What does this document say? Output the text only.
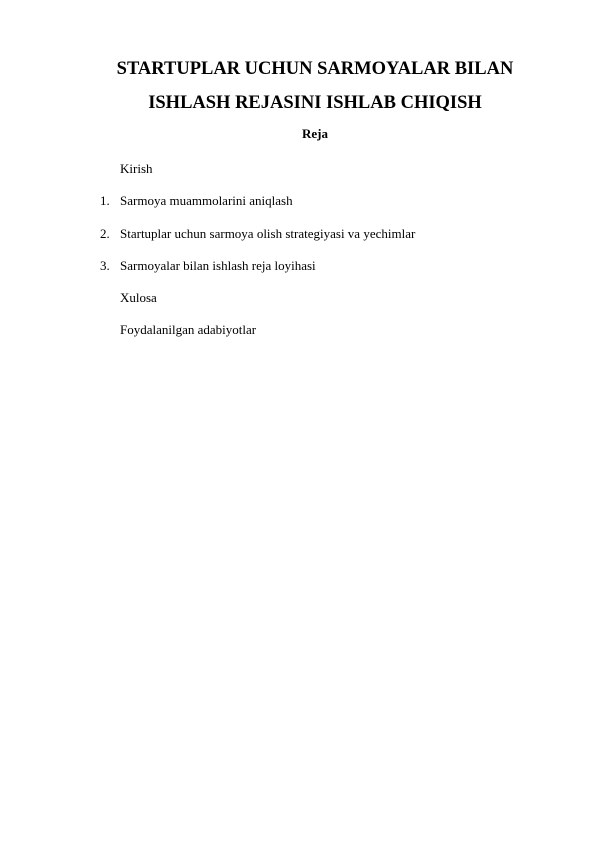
STARTUPLAR UCHUN SARMOYALAR BILAN
ISHLASH REJASINI ISHLAB CHIQISH
Reja
Kirish
1. Sarmoya muammolarini aniqlash
2. Startuplar uchun sarmoya olish strategiyasi va yechimlar
3. Sarmoyalar bilan ishlash reja loyihasi
Xulosa
Foydalanilgan adabiyotlar
